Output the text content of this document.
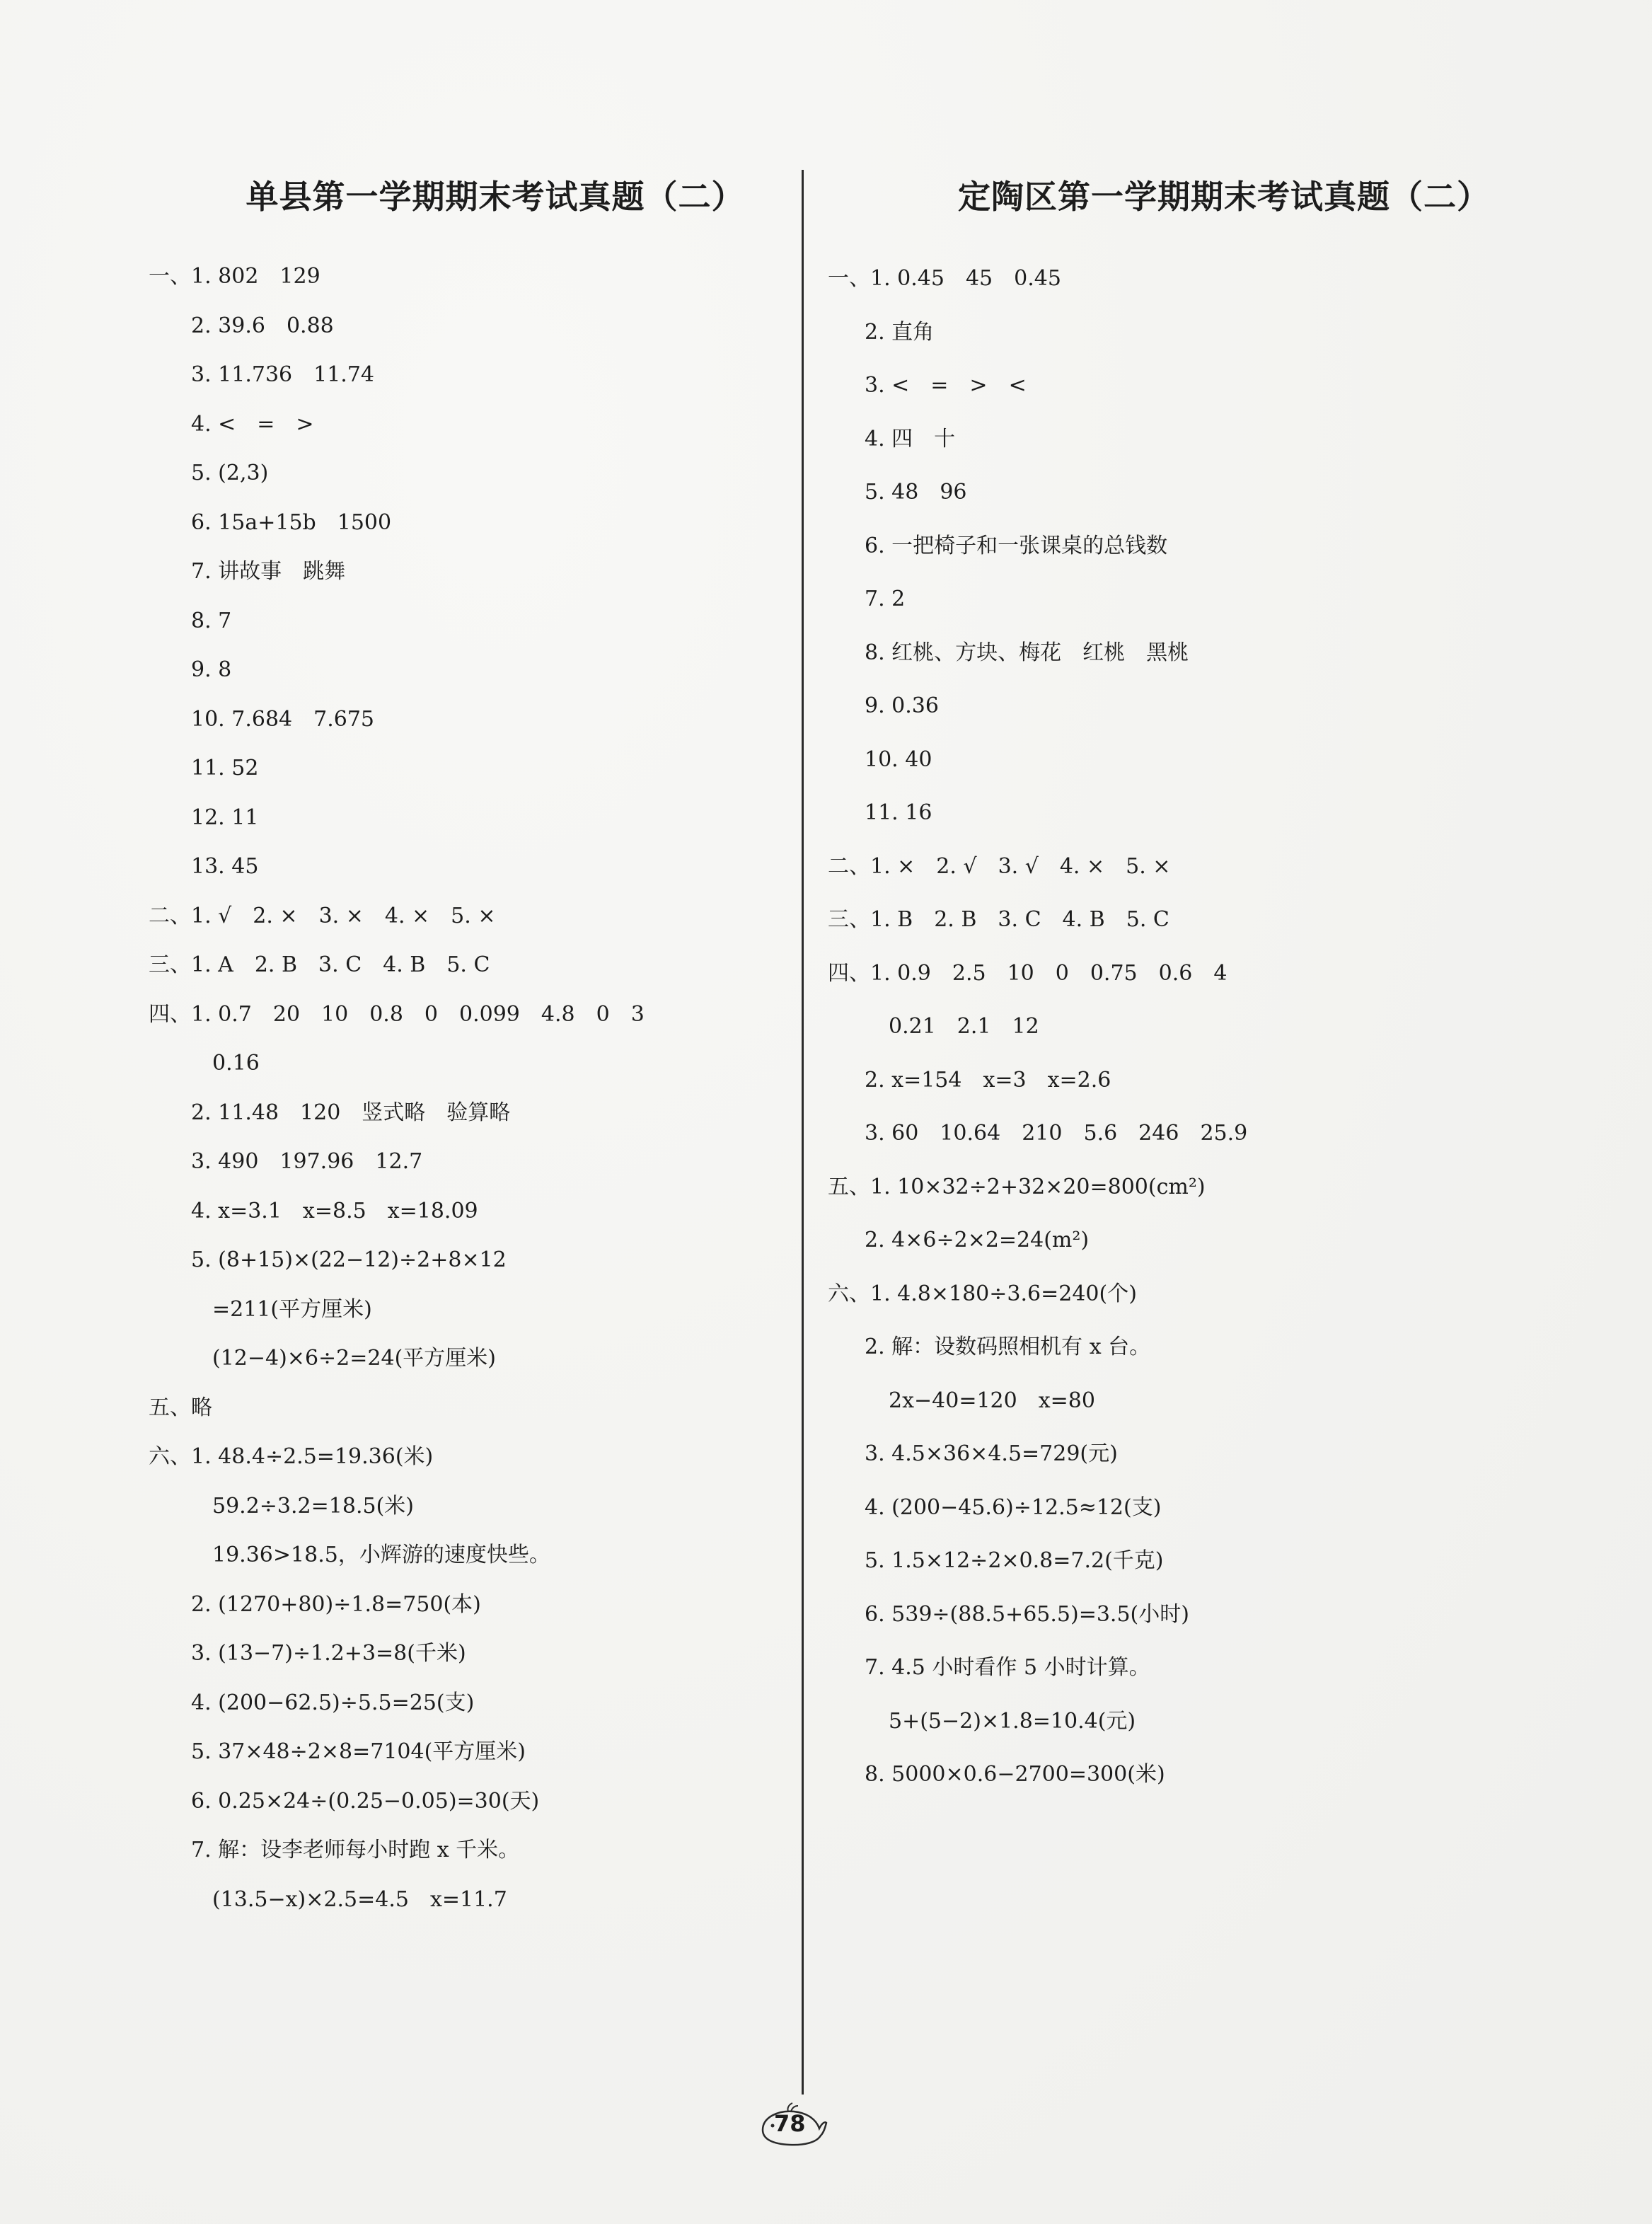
单县第一学期期末考试真题（二）
一、1. 802　129
2. 39.6　0.88
3. 11.736　11.74
4. <　=　>
5. (2,3)
6. 15a+15b　1500
7. 讲故事　跳舞
8. 7
9. 8
10. 7.684　7.675
11. 52
12. 11
13. 45
二、1. √　2. ×　3. ×　4. ×　5. ×
三、1. A　2. B　3. C　4. B　5. C
四、1. 0.7　20　10　0.8　0　0.099　4.8　0　3
0.16
2. 11.48　120　竖式略　验算略
3. 490　197.96　12.7
4. x=3.1　x=8.5　x=18.09
5. (8+15)×(22−12)÷2+8×12
=211(平方厘米)
(12−4)×6÷2=24(平方厘米)
五、略
六、1. 48.4÷2.5=19.36(米)
59.2÷3.2=18.5(米)
19.36>18.5，小辉游的速度快些。
2. (1270+80)÷1.8=750(本)
3. (13−7)÷1.2+3=8(千米)
4. (200−62.5)÷5.5=25(支)
5. 37×48÷2×8=7104(平方厘米)
6. 0.25×24÷(0.25−0.05)=30(天)
7. 解：设李老师每小时跑 x 千米。
(13.5−x)×2.5=4.5　x=11.7
定陶区第一学期期末考试真题（二）
一、1. 0.45　45　0.45
2. 直角
3. <　=　>　<
4. 四　十
5. 48　96
6. 一把椅子和一张课桌的总钱数
7. 2
8. 红桃、方块、梅花　红桃　黑桃
9. 0.36
10. 40
11. 16
二、1. ×　2. √　3. √　4. ×　5. ×
三、1. B　2. B　3. C　4. B　5. C
四、1. 0.9　2.5　10　0　0.75　0.6　4
0.21　2.1　12
2. x=154　x=3　x=2.6
3. 60　10.64　210　5.6　246　25.9
五、1. 10×32÷2+32×20=800(cm²)
2. 4×6÷2×2=24(m²)
六、1. 4.8×180÷3.6=240(个)
2. 解：设数码照相机有 x 台。
2x−40=120　x=80
3. 4.5×36×4.5=729(元)
4. (200−45.6)÷12.5≈12(支)
5. 1.5×12÷2×0.8=7.2(千克)
6. 539÷(88.5+65.5)=3.5(小时)
7. 4.5 小时看作 5 小时计算。
5+(5−2)×1.8=10.4(元)
8. 5000×0.6−2700=300(米)
78
